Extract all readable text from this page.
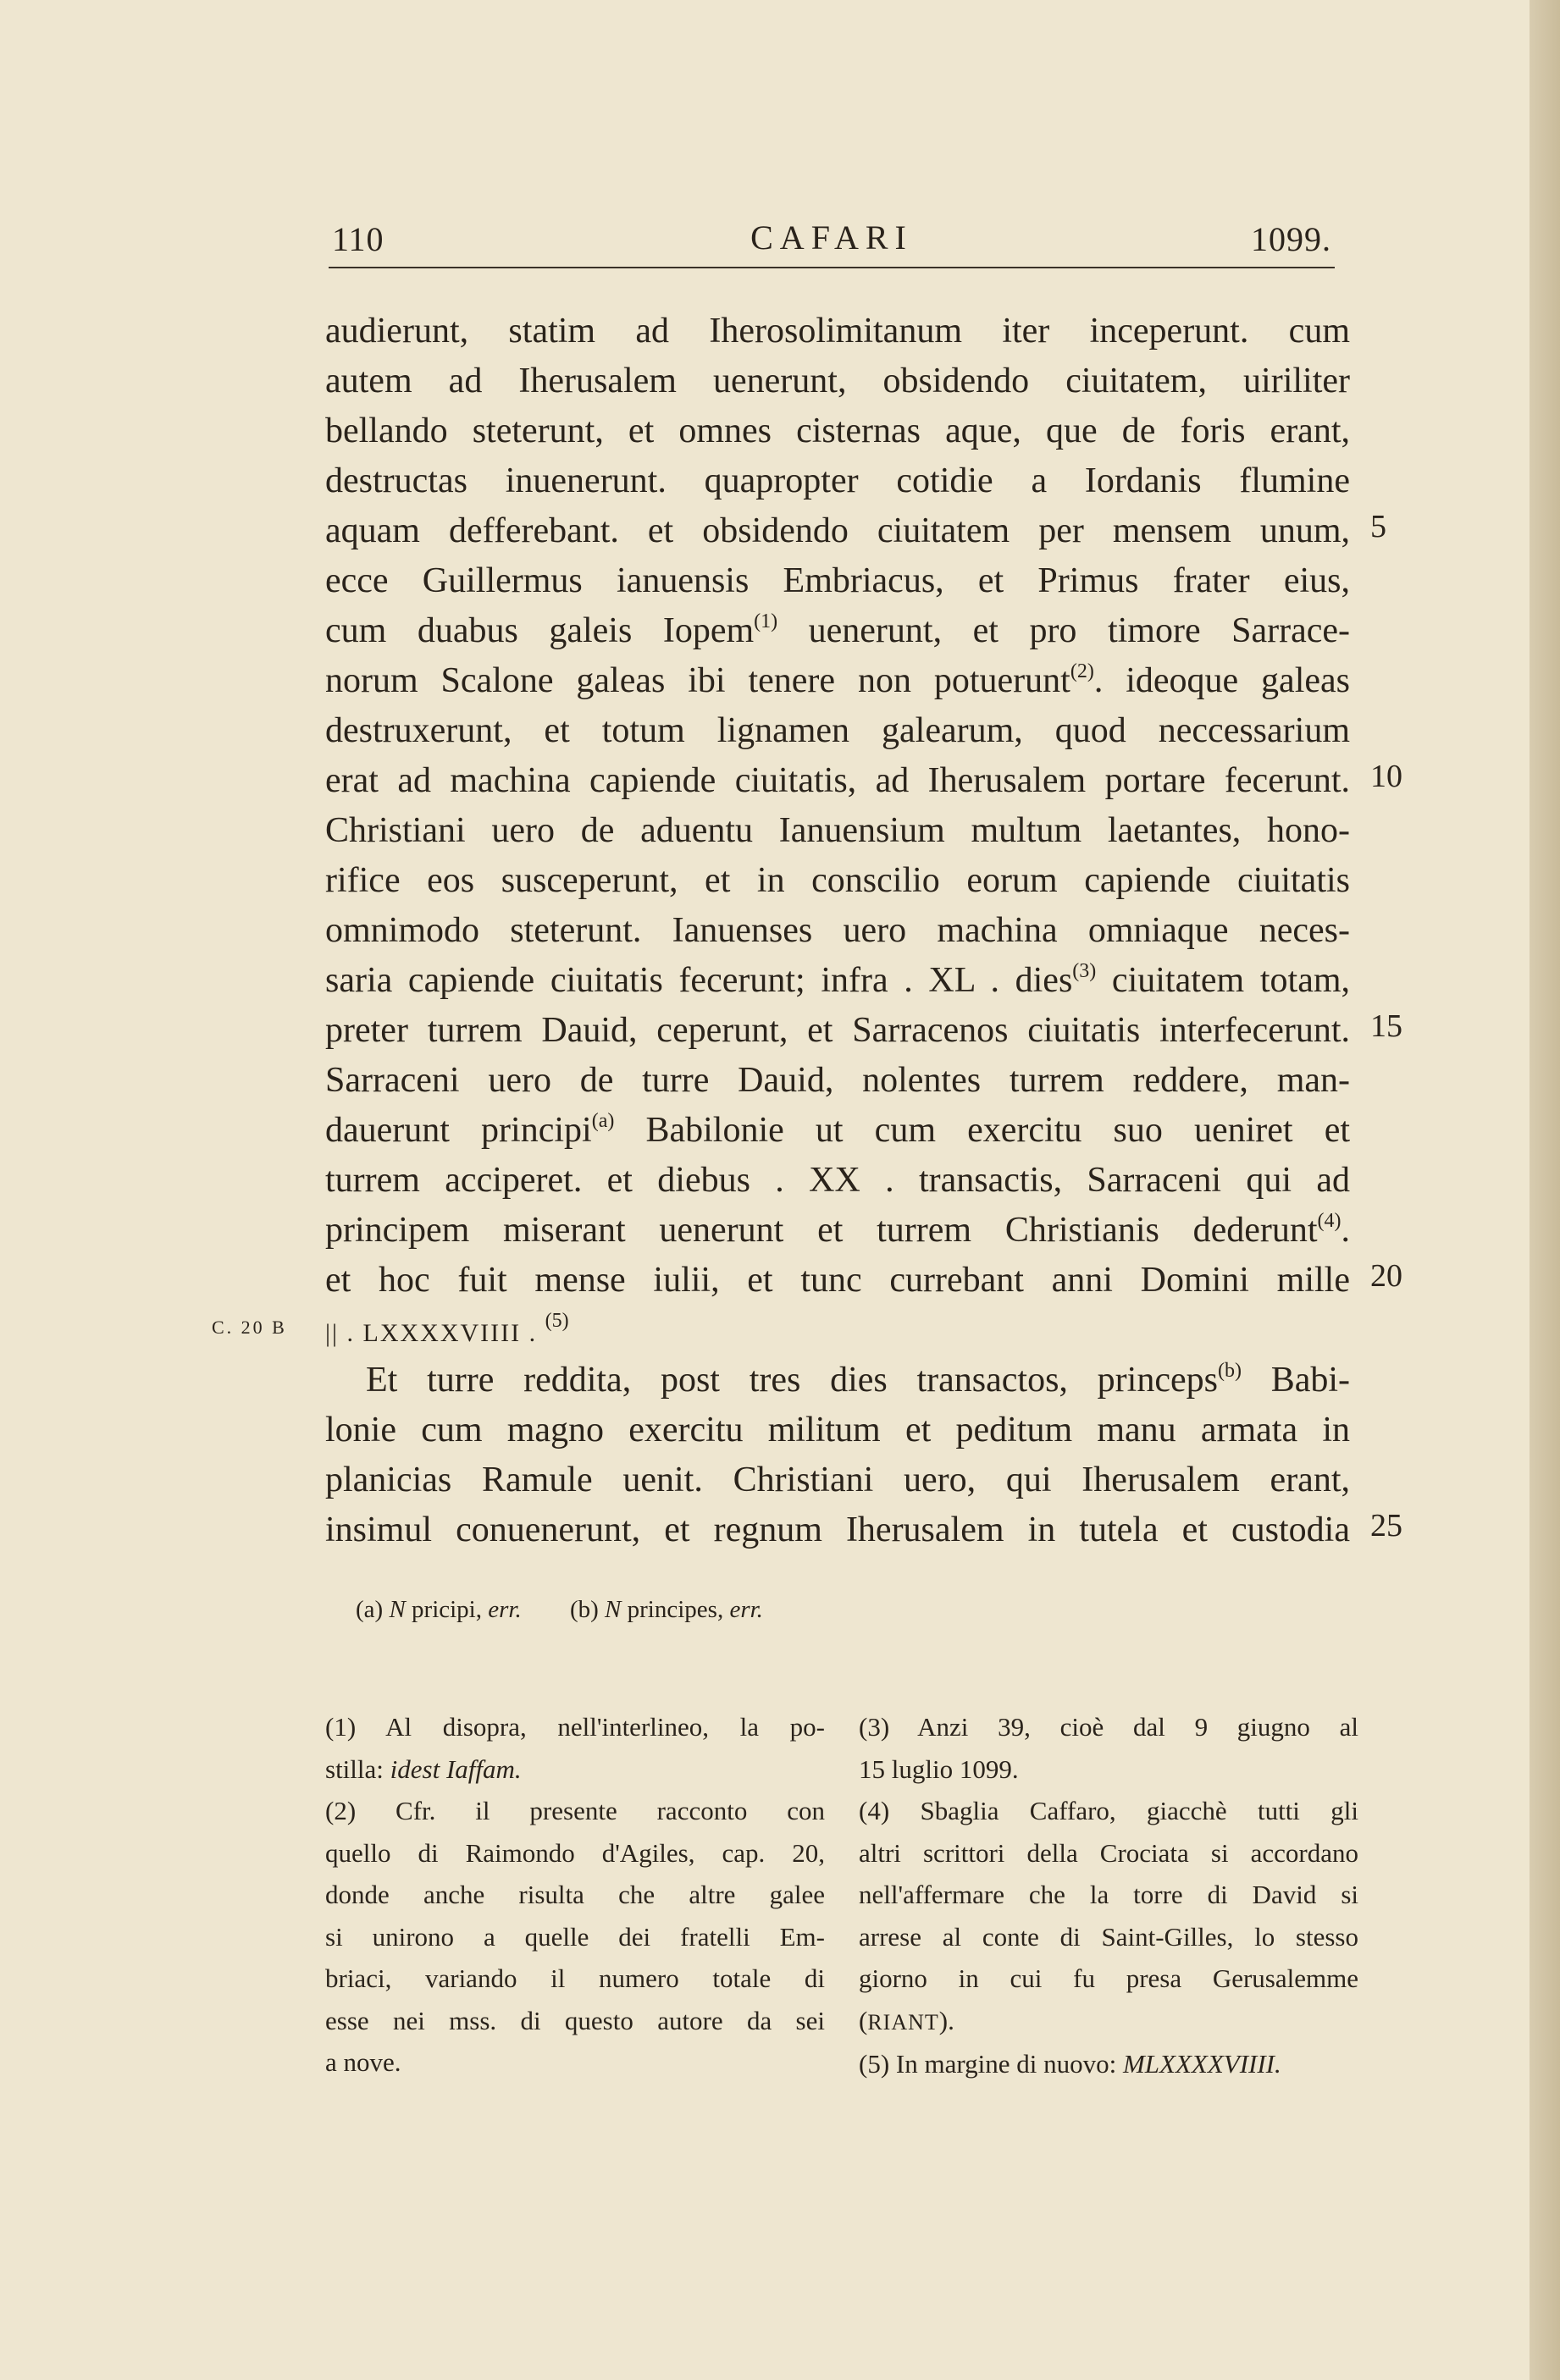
110	CAFARI	1099.
audierunt, statim ad Iherosolimitanum iter inceperunt. cum
autem ad Iherusalem uenerunt, obsidendo ciuitatem, uiriliter
bellando steterunt, et omnes cisternas aque, que de foris erant,
destructas inuenerunt. quapropter cotidie a Iordanis flumine
aquam defferebant. et obsidendo ciuitatem per mensem unum,
ecce Guillermus ianuensis Embriacus, et Primus frater eius,
cum duabus galeis Iopem$^{(1)}$ uenerunt, et pro timore Sarrace-
norum Scalone galeas ibi tenere non potuerunt$^{(2)}$. ideoque galeas
destruxerunt, et totum lignamen galearum, quod neccessarium
erat ad machina capiende ciuitatis, ad Iherusalem portare fecerunt.
Christiani uero de aduentu Ianuensium multum laetantes, hono-
rifice eos susceperunt, et in conscilio eorum capiende ciuitatis
omnimodo steterunt. Ianuenses uero machina omniaque neces-
saria capiende ciuitatis fecerunt; infra . XL . dies$^{(3)}$ ciuitatem totam,
preter turrem Dauid, ceperunt, et Sarracenos ciuitatis interfecerunt.
Sarraceni uero de turre Dauid, nolentes turrem reddere, man-
dauerunt principi$^{(a)}$ Babilonie ut cum exercitu suo ueniret et
turrem acciperet. et diebus . XX . transactis, Sarraceni qui ad
principem miserant uenerunt et turrem Christianis dederunt$^{(4)}$.
et hoc fuit mense iulii, et tunc currebant anni Domini mille
|| . LXXXXVIIII . $^{(5)}$
Et turre reddita, post tres dies transactos, princeps$^{(b)}$ Babi-
lonie cum magno exercitu militum et peditum manu armata in
planicias Ramule uenit. Christiani uero, qui Iherusalem erant,
insimul conuenerunt, et regnum Iherusalem in tutela et custodia
5
10
15
20
25
C. 20 B
(a) N pricipi, err. (b) N principes, err.
(1) Al disopra, nell'interlineo, la po-
stilla: idest Iaffam.
(2) Cfr. il presente racconto con
quello di Raimondo d'Agiles, cap. 20,
donde anche risulta che altre galee
si unirono a quelle dei fratelli Em-
briaci, variando il numero totale di
esse nei mss. di questo autore da sei
a nove.
(3) Anzi 39, cioè dal 9 giugno al
15 luglio 1099.
(4) Sbaglia Caffaro, giacchè tutti gli
altri scrittori della Crociata si accordano
nell'affermare che la torre di David si
arrese al conte di Saint-Gilles, lo stesso
giorno in cui fu presa Gerusalemme
(RIANT).
(5) In margine di nuovo: MLXXXXVIIII.
